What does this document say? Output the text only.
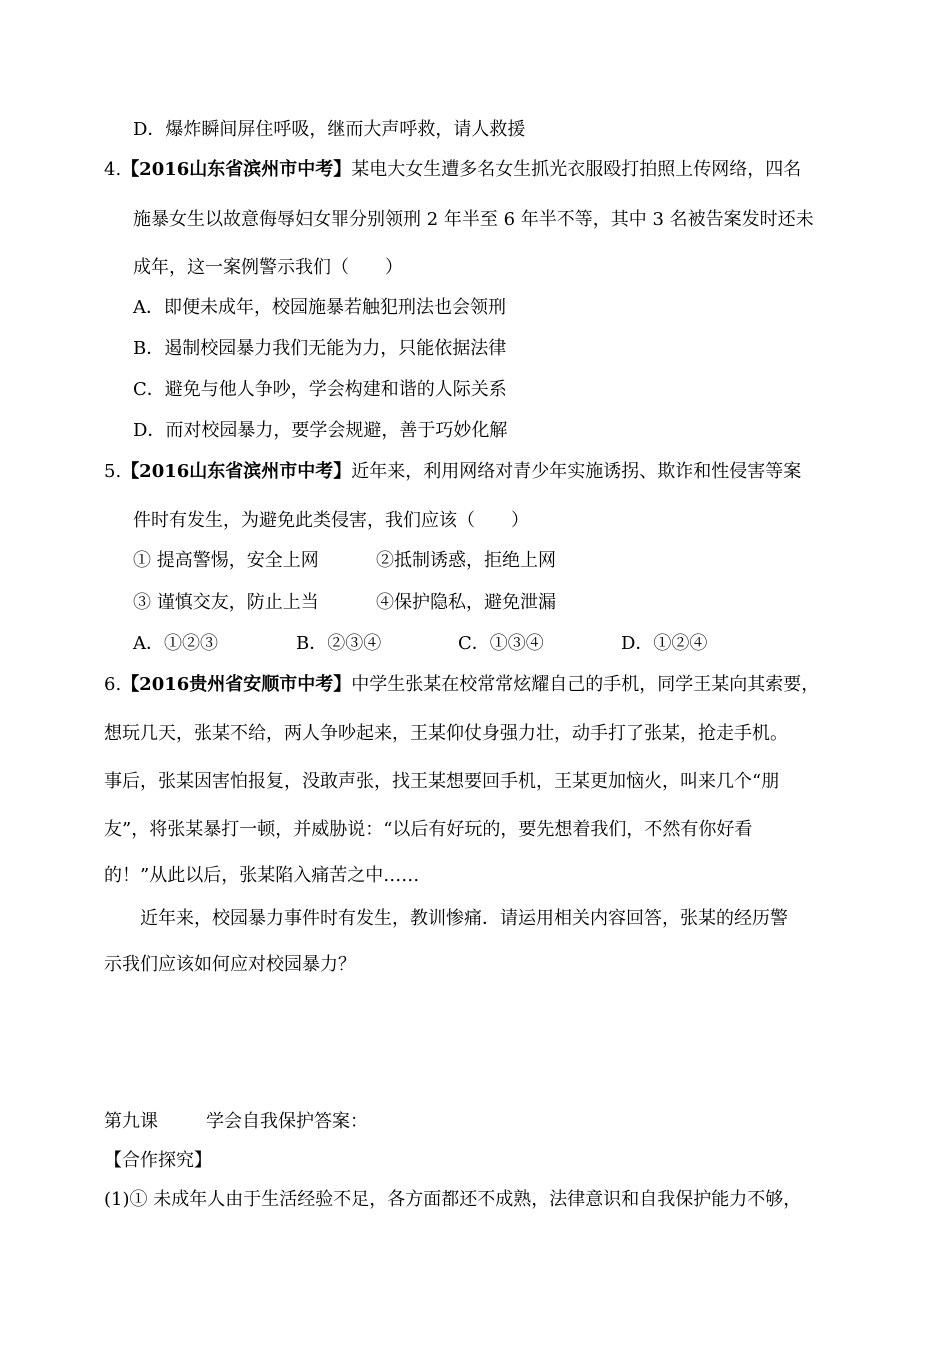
D．爆炸瞬间屏住呼吸，继而大声呼救，请人救援
4.【2016山东省滨州市中考】某电大女生遭多名女生抓光衣服殴打拍照上传网络，四名
施暴女生以故意侮辱妇女罪分别领刑 2 年半至 6 年半不等，其中 3 名被告案发时还未
成年，这一案例警示我们（　　）
A．即便未成年，校园施暴若触犯刑法也会领刑
B．遏制校园暴力我们无能为力，只能依据法律
C．避免与他人争吵，学会构建和谐的人际关系
D．而对校园暴力，要学会规避，善于巧妙化解
5.【2016山东省滨州市中考】近年来，利用网络对青少年实施诱拐、欺诈和性侵害等案
件时有发生，为避免此类侵害，我们应该（　　）
① 提高警惕，安全上网	②抵制诱惑，拒绝上网
③ 谨慎交友，防止上当	④保护隐私，避免泄漏
A．①②③	B．②③④	C．①③④	D．①②④
6.【2016贵州省安顺市中考】中学生张某在校常常炫耀自己的手机，同学王某向其索要，
想玩几天，张某不给，两人争吵起来，王某仰仗身强力壮，动手打了张某，抢走手机。
事后，张某因害怕报复，没敢声张，找王某想要回手机，王某更加恼火，叫来几个“朋
友”，将张某暴打一顿，并威胁说：“以后有好玩的，要先想着我们，不然有你好看
的！”从此以后，张某陷入痛苦之中……
近年来，校园暴力事件时有发生，教训惨痛．请运用相关内容回答，张某的经历警
示我们应该如何应对校园暴力？
第九课	学会自我保护答案：
【合作探究】
(1)① 未成年人由于生活经验不足，各方面都还不成熟，法律意识和自我保护能力不够，
